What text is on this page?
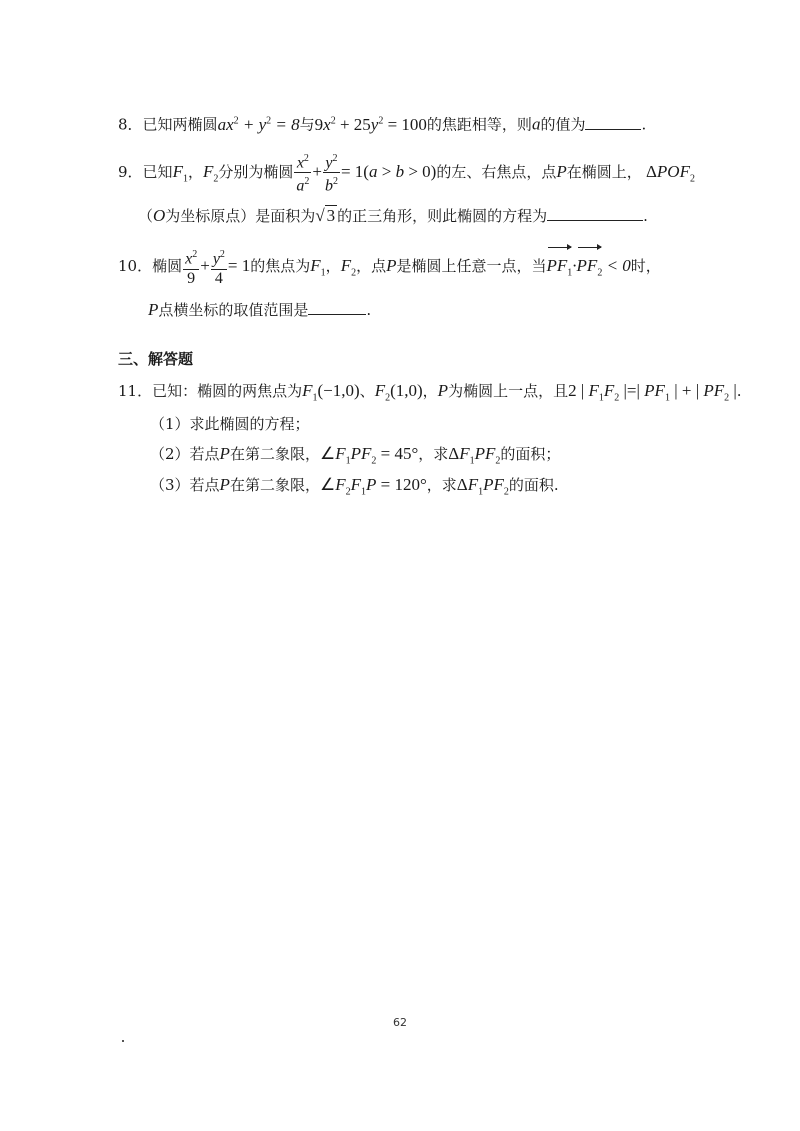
8．已知两椭圆$ax^2 + y^2 = 8$与$9x^2 + 25y^2 = 100$的焦距相等，则a的值为	.
9．已知$F_1$，$F_2$分别为椭圆 $\frac{x^2}{a^2} + \frac{y^2}{b^2} = 1(a > b > 0)$的左、右焦点，点P在椭圆上， $\Delta POF_2$
（O为坐标原点）是面积为√ 3 的正三角形，则此椭圆的方程为	.
10．椭圆 $\frac{x^2}{9} + \frac{y^2}{4} = 1$的焦点为$F_1$，$F_2$，点P是椭圆上任意一点，当$PF_1\cdot PF_2 < 0$时，
P点横坐标的取值范围是	.
三、解答题
11．已知：椭圆的两焦点为$F_1(-1,0)$、$F_2(1,0)$，P为椭圆上一点，且2 | $F_1F_2$ |=| $PF_1$ | + | $PF_2$ |.
（1）求此椭圆的方程；
（2）若点P在第二象限，$\angle F_1PF_2 = 45^\circ$，求$\Delta F_1PF_2$的面积；
（3）若点P在第二象限，$\angle F_2F_1P = 120^\circ$，求$\Delta F_1PF_2$的面积.
62
